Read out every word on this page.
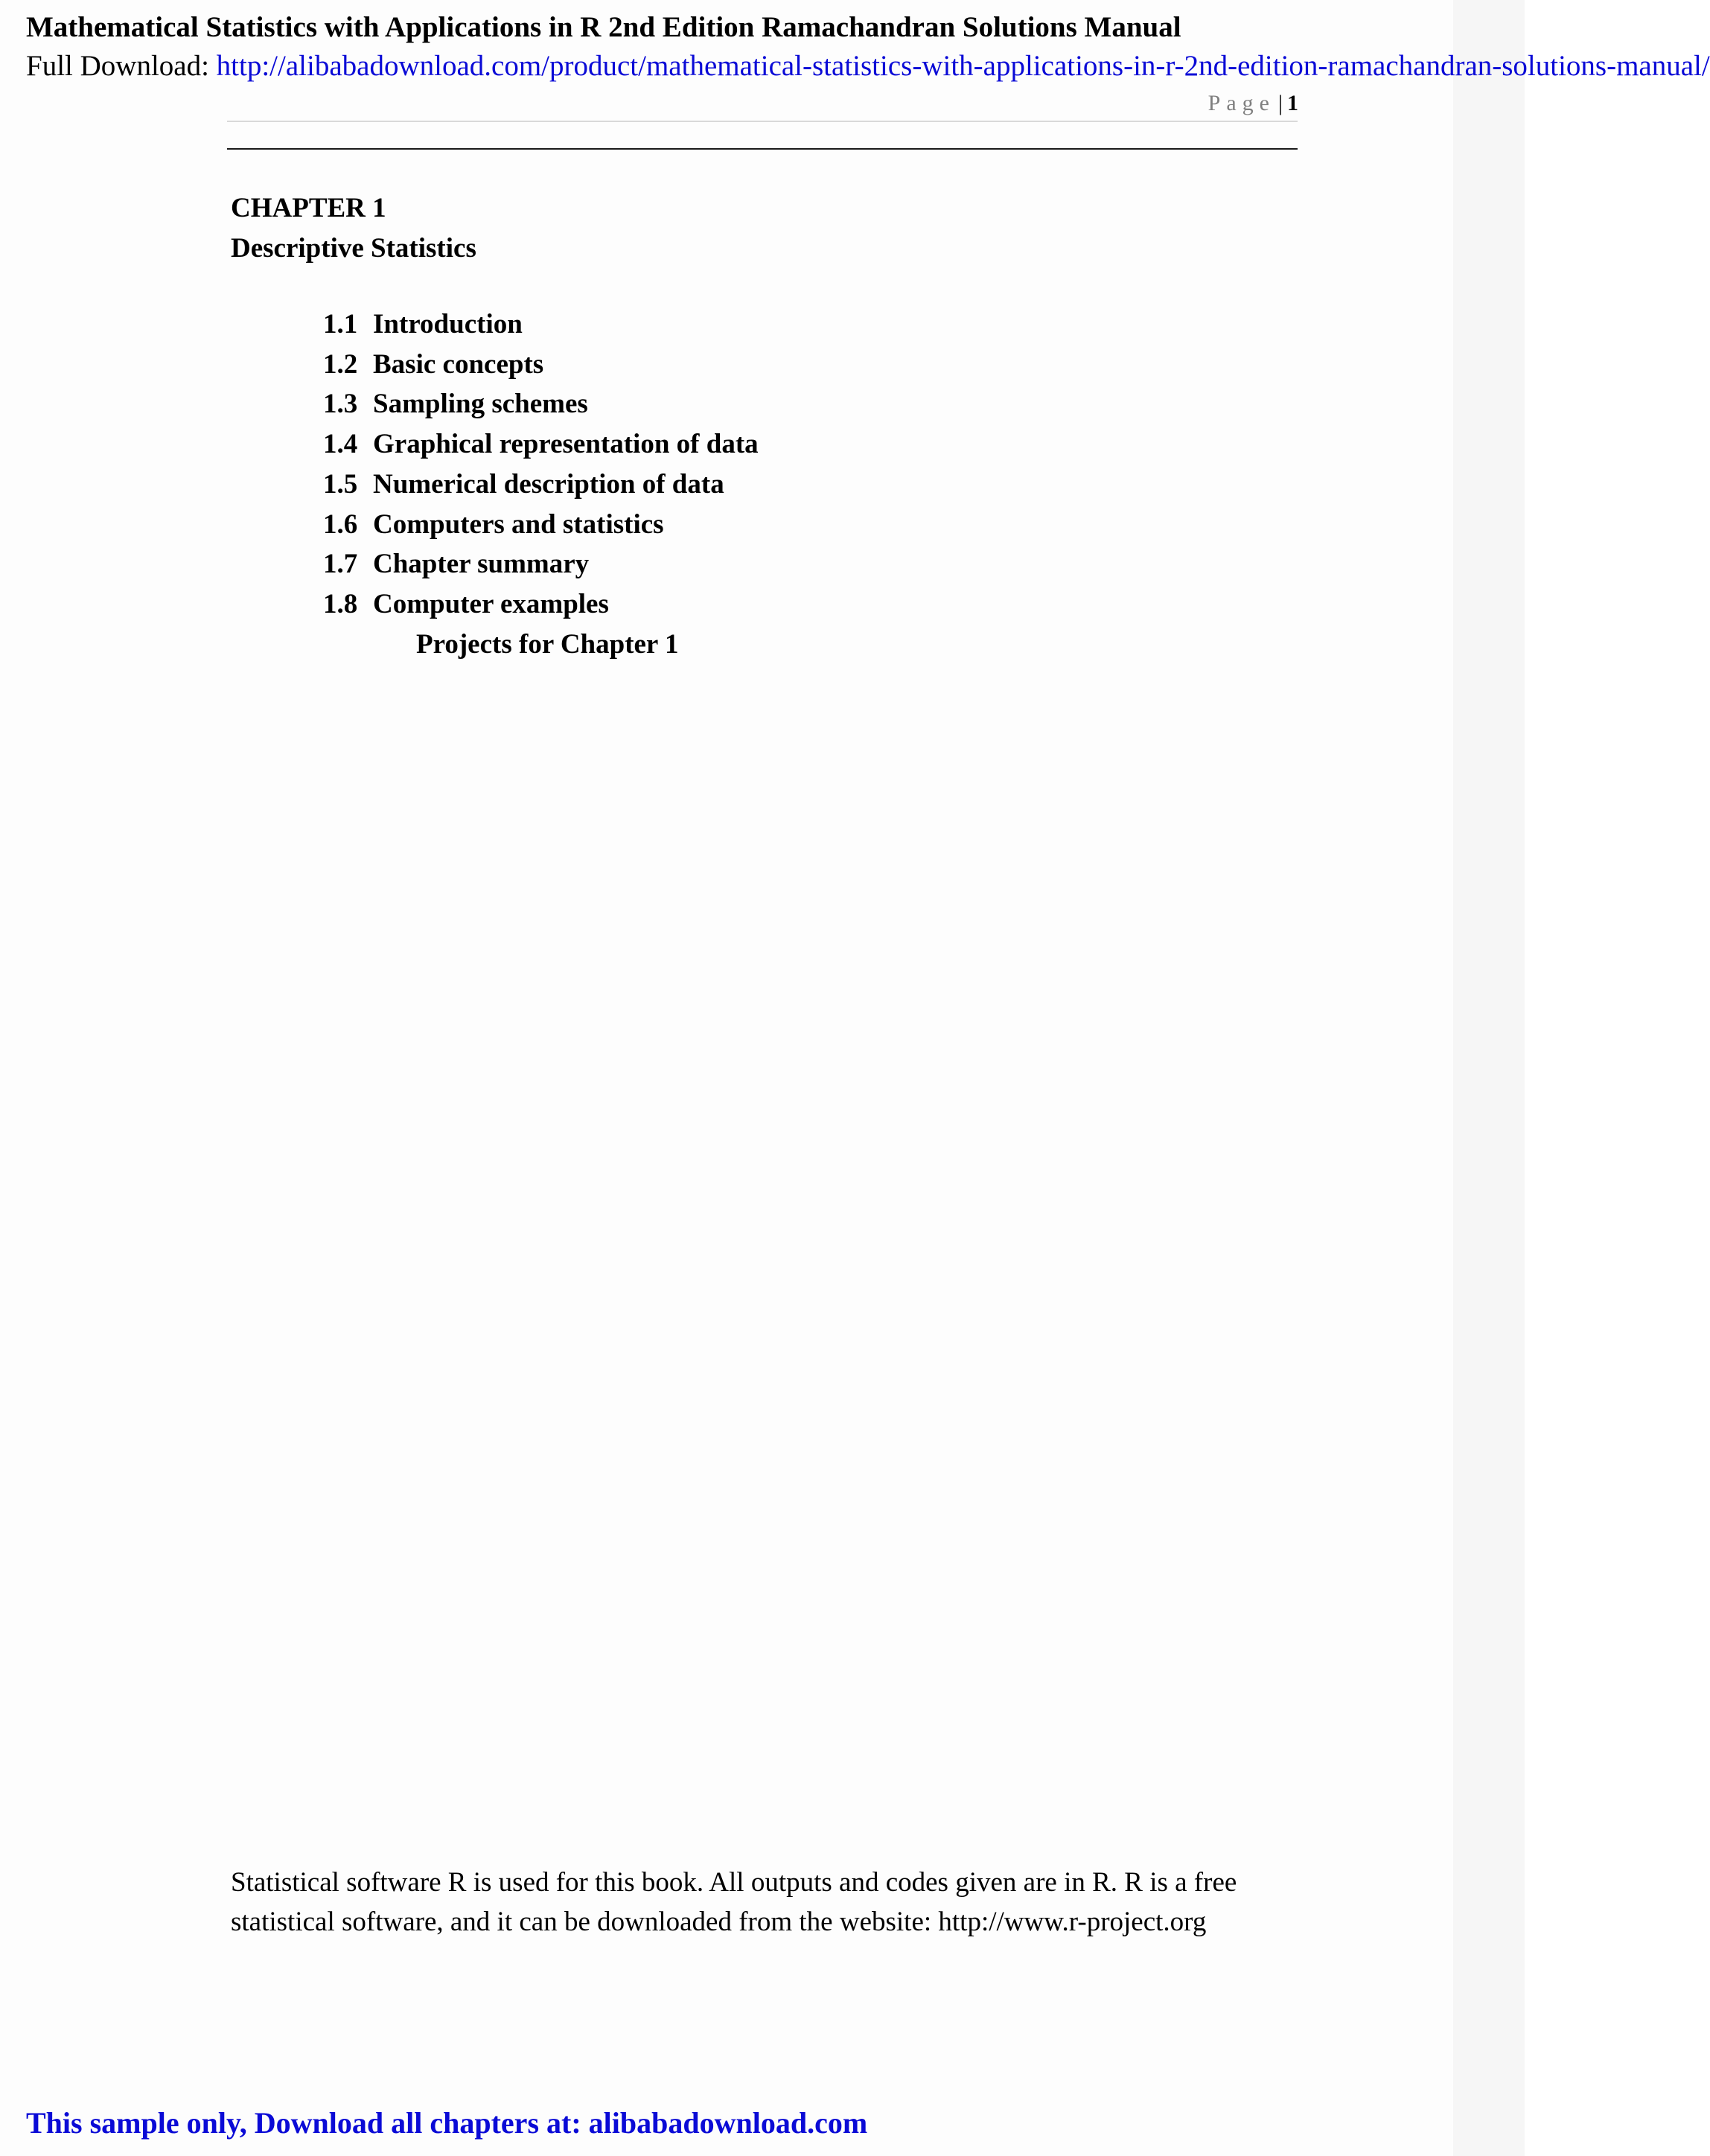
Mathematical Statistics with Applications in R 2nd Edition Ramachandran Solutions Manual
Full Download: http://alibabadownload.com/product/mathematical-statistics-with-applications-in-r-2nd-edition-ramachandran-solutions-manual/
Page | 1
CHAPTER 1
Descriptive Statistics
1.1 Introduction
1.2 Basic concepts
1.3 Sampling schemes
1.4 Graphical representation of data
1.5 Numerical description of data
1.6 Computers and statistics
1.7 Chapter summary
1.8 Computer examples
Projects for Chapter 1
Statistical software R is used for this book. All outputs and codes given are in R. R is a free statistical software, and it can be downloaded from the website: http://www.r-project.org
This sample only, Download all chapters at: alibabadownload.com
